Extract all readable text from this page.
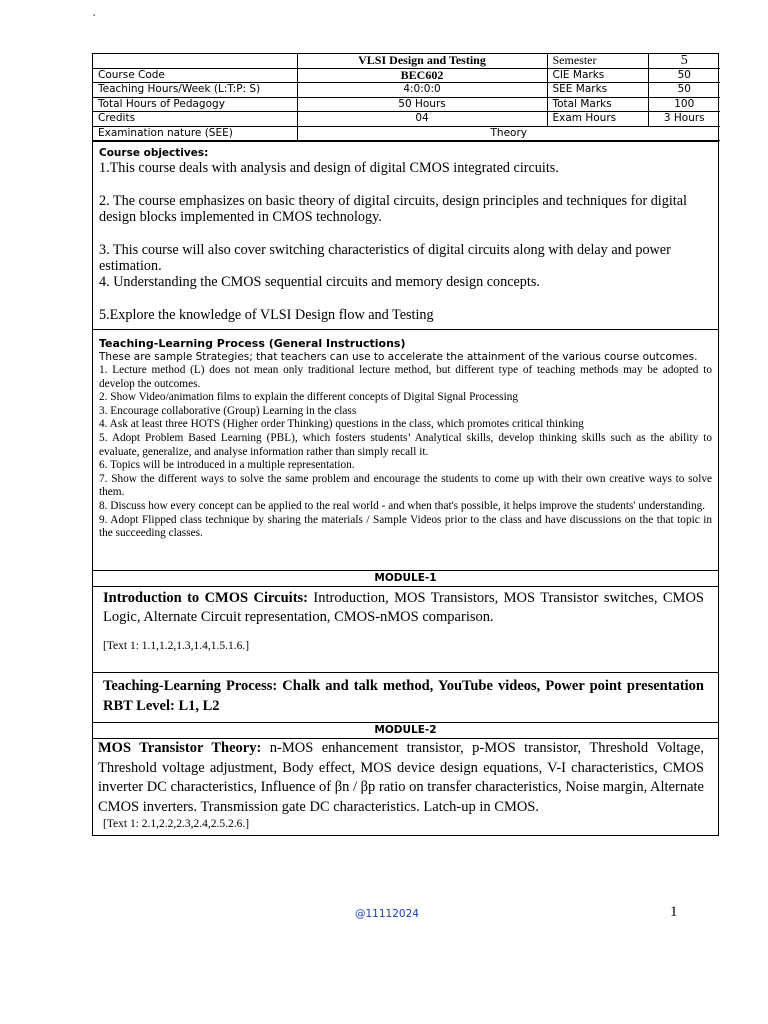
`
	VLSI Design and Testing	Semester	5
Course Code	BEC602	CIE Marks	50
Teaching Hours/Week (L:T:P: S)	4:0:0:0	SEE Marks	50
Total Hours of Pedagogy	50 Hours	Total Marks	100
Credits	04	Exam Hours	3 Hours
Examination nature (SEE)	Theory		
Course objectives:

1.This course deals with analysis and design of digital CMOS integrated circuits.

2. The course emphasizes on basic theory of digital circuits, design principles and techniques for digital design blocks implemented in CMOS technology.

3. This course will also cover switching characteristics of digital circuits along with delay and power estimation.

4. Understanding the CMOS sequential circuits and memory design concepts.

5.Explore the knowledge of VLSI Design flow and Testing

Teaching-Learning Process (General Instructions)
These are sample Strategies; that teachers can use to accelerate the attainment of the various course outcomes.
1. Lecture method (L) does not mean only traditional lecture method, but different type of teaching methods may be adopted to develop the outcomes.
2. Show Video/animation films to explain the different concepts of Digital Signal Processing
3. Encourage collaborative (Group) Learning in the class
4. Ask at least three HOTS (Higher order Thinking) questions in the class, which promotes critical thinking
5. Adopt Problem Based Learning (PBL), which fosters students’ Analytical skills, develop thinking skills such as the ability to evaluate, generalize, and analyse information rather than simply recall it.
6. Topics will be introduced in a multiple representation.
7. Show the different ways to solve the same problem and encourage the students to come up with their own creative ways to solve them.
8. Discuss how every concept can be applied to the real world - and when that's possible, it helps improve the students' understanding.
9. Adopt Flipped class technique by sharing the materials / Sample Videos prior to the class and have discussions on the that topic in the succeeding classes.
MODULE-1

Introduction to CMOS Circuits: Introduction, MOS Transistors, MOS Transistor switches, CMOS Logic, Alternate Circuit representation, CMOS-nMOS comparison.

[Text 1: 1.1,1.2,1.3,1.4,1.5.1.6.]

Teaching-Learning Process: Chalk and talk method, YouTube videos, Power point presentation RBT Level: L1, L2

MODULE-2

MOS Transistor Theory: n-MOS enhancement transistor, p-MOS transistor, Threshold Voltage, Threshold voltage adjustment, Body effect, MOS device design equations, V-I characteristics, CMOS inverter DC characteristics, Influence of βn / βp ratio on transfer characteristics, Noise margin, Alternate CMOS inverters. Transmission gate DC characteristics. Latch-up in CMOS.

[Text 1: 2.1,2.2,2.3,2.4,2.5.2.6.]
@11112024	1
